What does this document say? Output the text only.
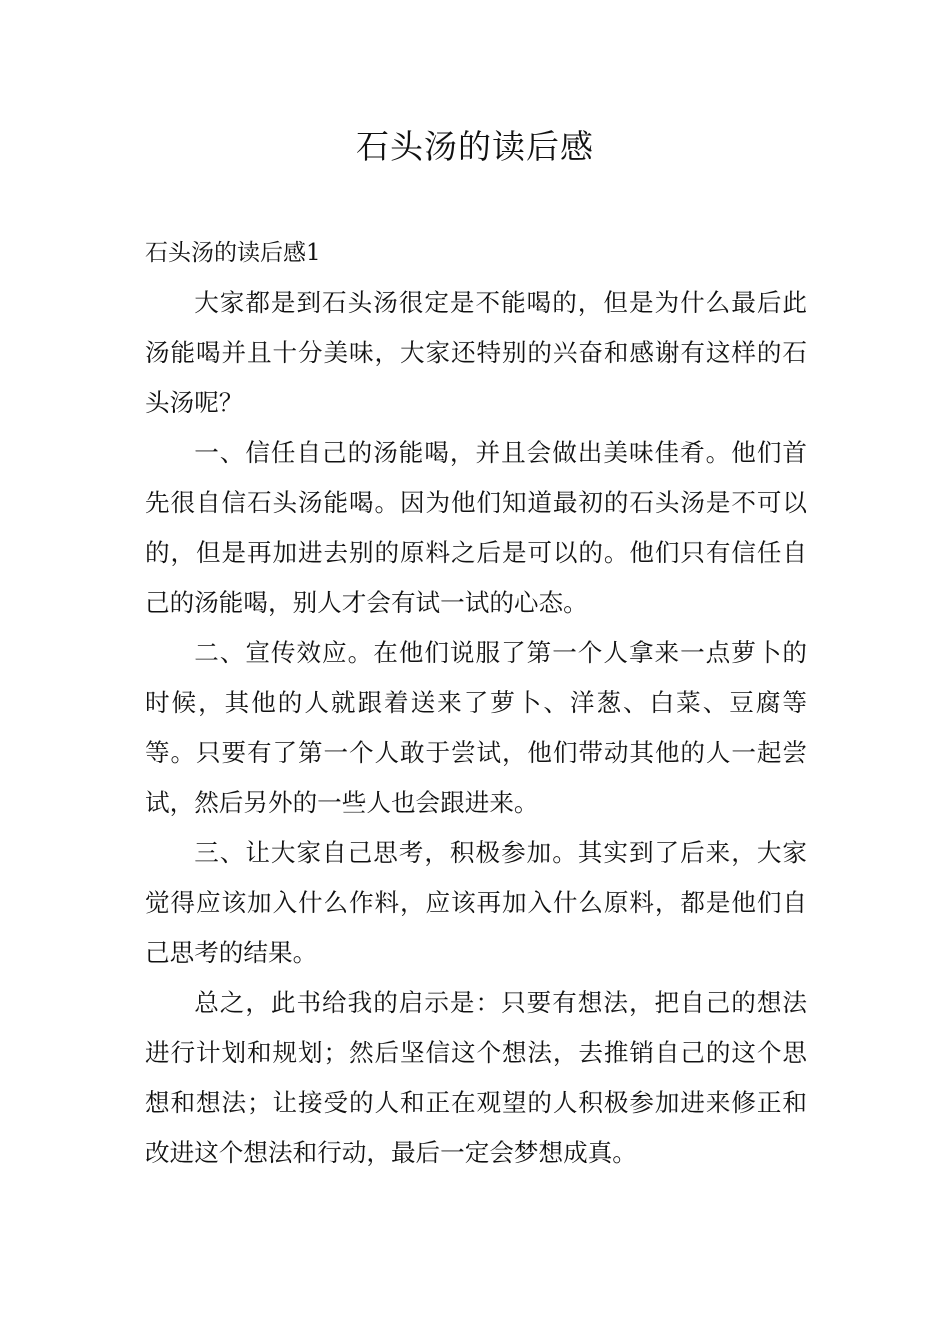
石头汤的读后感

石头汤的读后感1

大家都是到石头汤很定是不能喝的，但是为什么最后此汤能喝并且十分美味，大家还特别的兴奋和感谢有这样的石头汤呢？

一、信任自己的汤能喝，并且会做出美味佳肴。他们首先很自信石头汤能喝。因为他们知道最初的石头汤是不可以的，但是再加进去别的原料之后是可以的。他们只有信任自己的汤能喝，别人才会有试一试的心态。

二、宣传效应。在他们说服了第一个人拿来一点萝卜的时候，其他的人就跟着送来了萝卜、洋葱、白菜、豆腐等等。只要有了第一个人敢于尝试，他们带动其他的人一起尝试，然后另外的一些人也会跟进来。

三、让大家自己思考，积极参加。其实到了后来，大家觉得应该加入什么作料，应该再加入什么原料，都是他们自己思考的结果。

总之，此书给我的启示是：只要有想法，把自己的想法进行计划和规划；然后坚信这个想法，去推销自己的这个思想和想法；让接受的人和正在观望的人积极参加进来修正和改进这个想法和行动，最后一定会梦想成真。
